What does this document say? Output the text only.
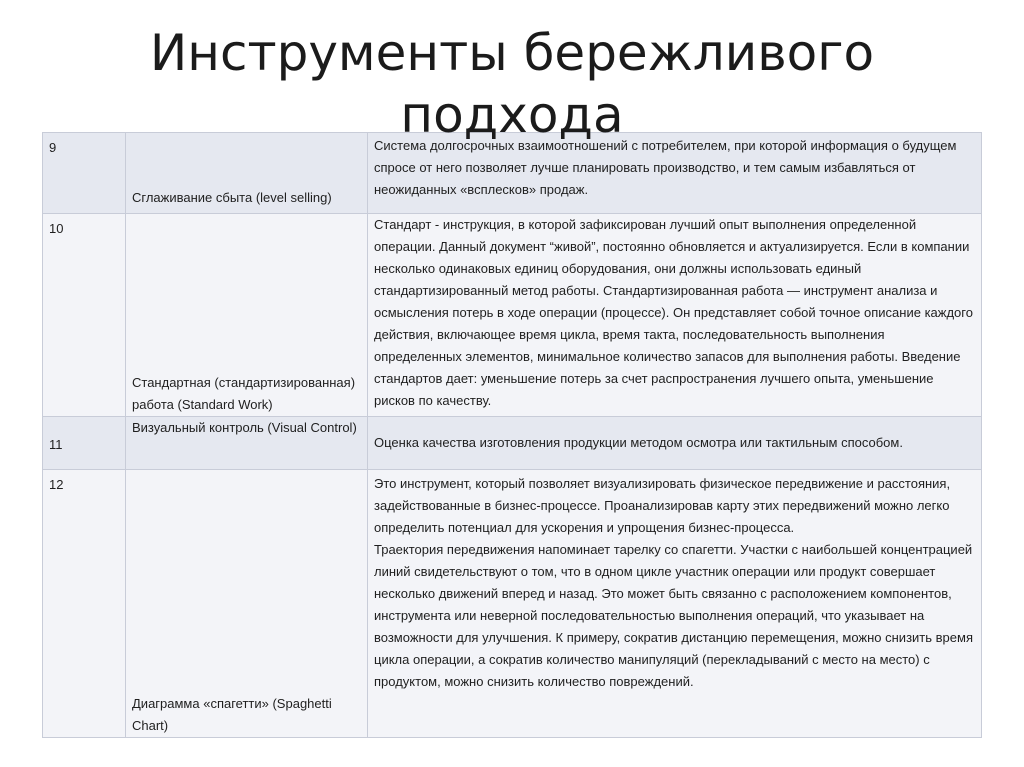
Инструменты бережливого
подхода
9	Сглаживание сбыта (level selling)	Система долгосрочных взаимоотношений с потребителем, при которой информация о будущем спросе от него позволяет лучше планировать производство, и тем самым избавляться от неожиданных «всплесков» продаж.

10	Стандартная (стандартизированная) работа (Standard Work)	Стандарт - инструкция, в которой зафиксирован лучший опыт выполнения определенной операции. Данный документ “живой”, постоянно обновляется и актуализируется. Если в компании несколько одинаковых единиц оборудования, они должны использовать единый стандартизированный метод работы. Стандартизированная работа — инструмент анализа и осмысления потерь в ходе операции (процессе). Он представляет собой точное описание каждого действия, включающее время цикла, время такта, последовательность выполнения определенных элементов, минимальное количество запасов для выполнения работы. Введение стандартов дает: уменьшение потерь за счет распространения лучшего опыта, уменьшение рисков по качеству.

11	Визуальный контроль (Visual Control)	Оценка качества изготовления продукции методом осмотра или тактильным способом.

12	Диаграмма «спагетти» (Spaghetti Chart)	Это инструмент, который позволяет визуализировать физическое передвижение и расстояния, задействованные в бизнес-процессе. Проанализировав карту этих передвижений можно легко определить потенциал для ускорения и упрощения бизнес-процесса.

Траектория передвижения напоминает тарелку со спагетти. Участки с наибольшей концентрацией линий свидетельствуют о том, что в одном цикле участник операции или продукт совершает несколько движений вперед и назад. Это может быть связанно с расположением компонентов, инструмента или неверной последовательностью выполнения операций, что указывает на возможности для улучшения. К примеру, сократив дистанцию перемещения, можно снизить время цикла операции, а сократив количество манипуляций (перекладываний с место на место) с продуктом, можно снизить количество повреждений.
